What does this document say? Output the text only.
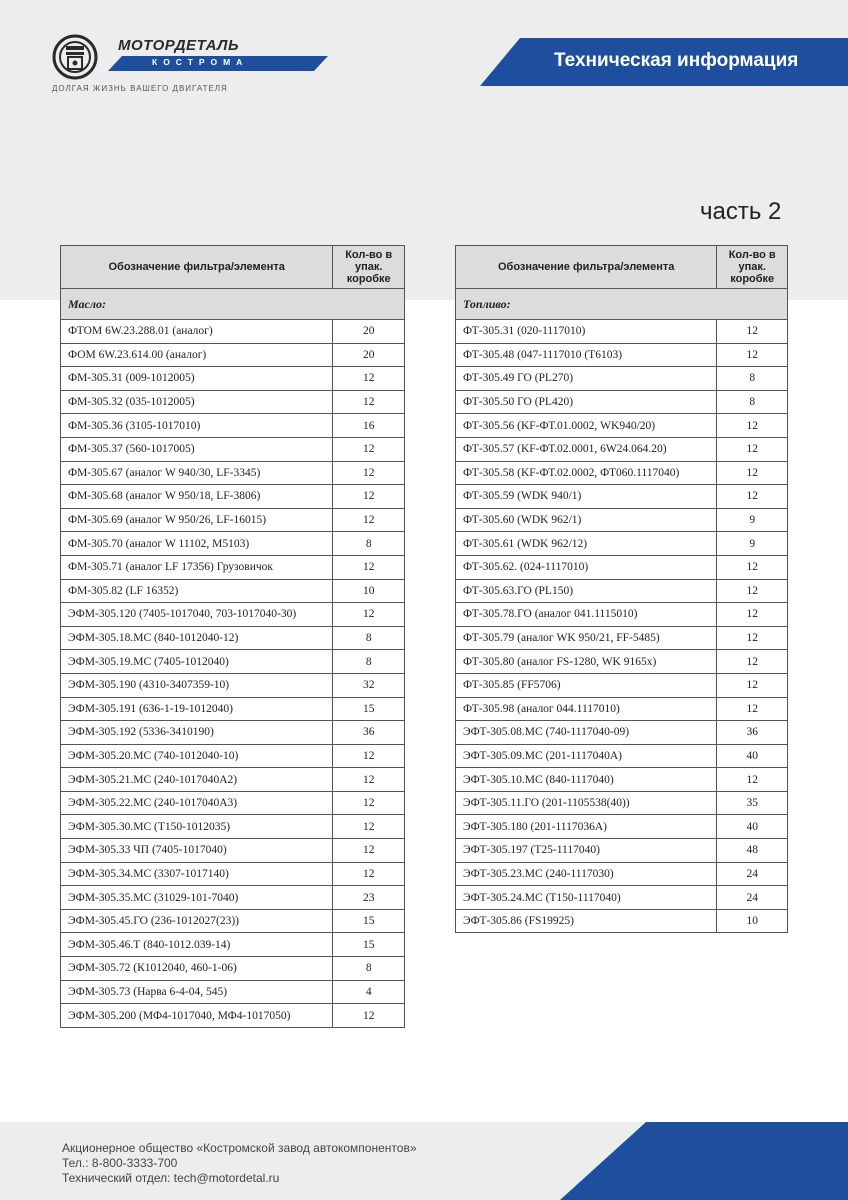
МОТОРДЕТАЛЬ
КОСТРОМА
ДОЛГАЯ ЖИЗНЬ ВАШЕГО ДВИГАТЕЛЯ
Техническая информация
часть 2
Обозначение фильтра/элемента	Кол-во в
упак.
коробке
Масло:	
ФТОМ 6W.23.288.01 (аналог)	20
ФОМ 6W.23.614.00 (аналог)	20
ФМ-305.31 (009-1012005)	12
ФМ-305.32 (035-1012005)	12
ФМ-305.36 (3105-1017010)	16
ФМ-305.37 (560-1017005)	12
ФМ-305.67 (аналог W 940/30, LF-3345)	12
ФМ-305.68 (аналог W 950/18, LF-3806)	12
ФМ-305.69 (аналог W 950/26, LF-16015)	12
ФМ-305.70 (аналог W 11102, M5103)	8
ФМ-305.71 (аналог LF 17356) Грузовичок	12
ФМ-305.82 (LF 16352)	10
ЭФМ-305.120 (7405-1017040, 703-1017040-30)	12
ЭФМ-305.18.МС (840-1012040-12)	8
ЭФМ-305.19.МС (7405-1012040)	8
ЭФМ-305.190 (4310-3407359-10)	32
ЭФМ-305.191 (636-1-19-1012040)	15
ЭФМ-305.192 (5336-3410190)	36
ЭФМ-305.20.МС (740-1012040-10)	12
ЭФМ-305.21.МС (240-1017040А2)	12
ЭФМ-305.22.МС (240-1017040А3)	12
ЭФМ-305.30.МС (Т150-1012035)	12
ЭФМ-305.33 ЧП (7405-1017040)	12
ЭФМ-305.34.МС (3307-1017140)	12
ЭФМ-305.35.МС (31029-101-7040)	23
ЭФМ-305.45.ГО (236-1012027(23))	15
ЭФМ-305.46.Т (840-1012.039-14)	15
ЭФМ-305.72 (К1012040, 460-1-06)	8
ЭФМ-305.73 (Нарва 6-4-04, 545)	4
ЭФМ-305.200 (МФ4-1017040, МФ4-1017050)	12
Обозначение фильтра/элемента	Кол-во в
упак.
коробке
Топливо:	
ФТ-305.31 (020-1117010)	12
ФТ-305.48 (047-1117010 (Т6103)	12
ФТ-305.49 ГО (PL270)	8
ФТ-305.50 ГО (PL420)	8
ФТ-305.56 (KF-ФТ.01.0002, WK940/20)	12
ФТ-305.57 (KF-ФТ.02.0001, 6W24.064.20)	12
ФТ-305.58 (KF-ФТ.02.0002, ФТ060.1117040)	12
ФТ-305.59 (WDK 940/1)	12
ФТ-305.60 (WDK 962/1)	9
ФТ-305.61 (WDK 962/12)	9
ФТ-305.62. (024-1117010)	12
ФТ-305.63.ГО (PL150)	12
ФТ-305.78.ГО (аналог 041.1115010)	12
ФТ-305.79 (аналог WK 950/21, FF-5485)	12
ФТ-305.80 (аналог FS-1280, WK 9165x)	12
ФТ-305.85 (FF5706)	12
ФТ-305.98 (аналог 044.1117010)	12
ЭФТ-305.08.МС (740-1117040-09)	36
ЭФТ-305.09.МС (201-1117040А)	40
ЭФТ-305.10.МС (840-1117040)	12
ЭФТ-305.11.ГО (201-1105538(40))	35
ЭФТ-305.180 (201-1117036А)	40
ЭФТ-305.197 (Т25-1117040)	48
ЭФТ-305.23.МС (240-1117030)	24
ЭФТ-305.24.МС (Т150-1117040)	24
ЭФТ-305.86 (FS19925)	10
Акционерное общество «Костромской завод автокомпонентов»
Тел.: 8-800-3333-700
Технический отдел: tech@motordetal.ru
